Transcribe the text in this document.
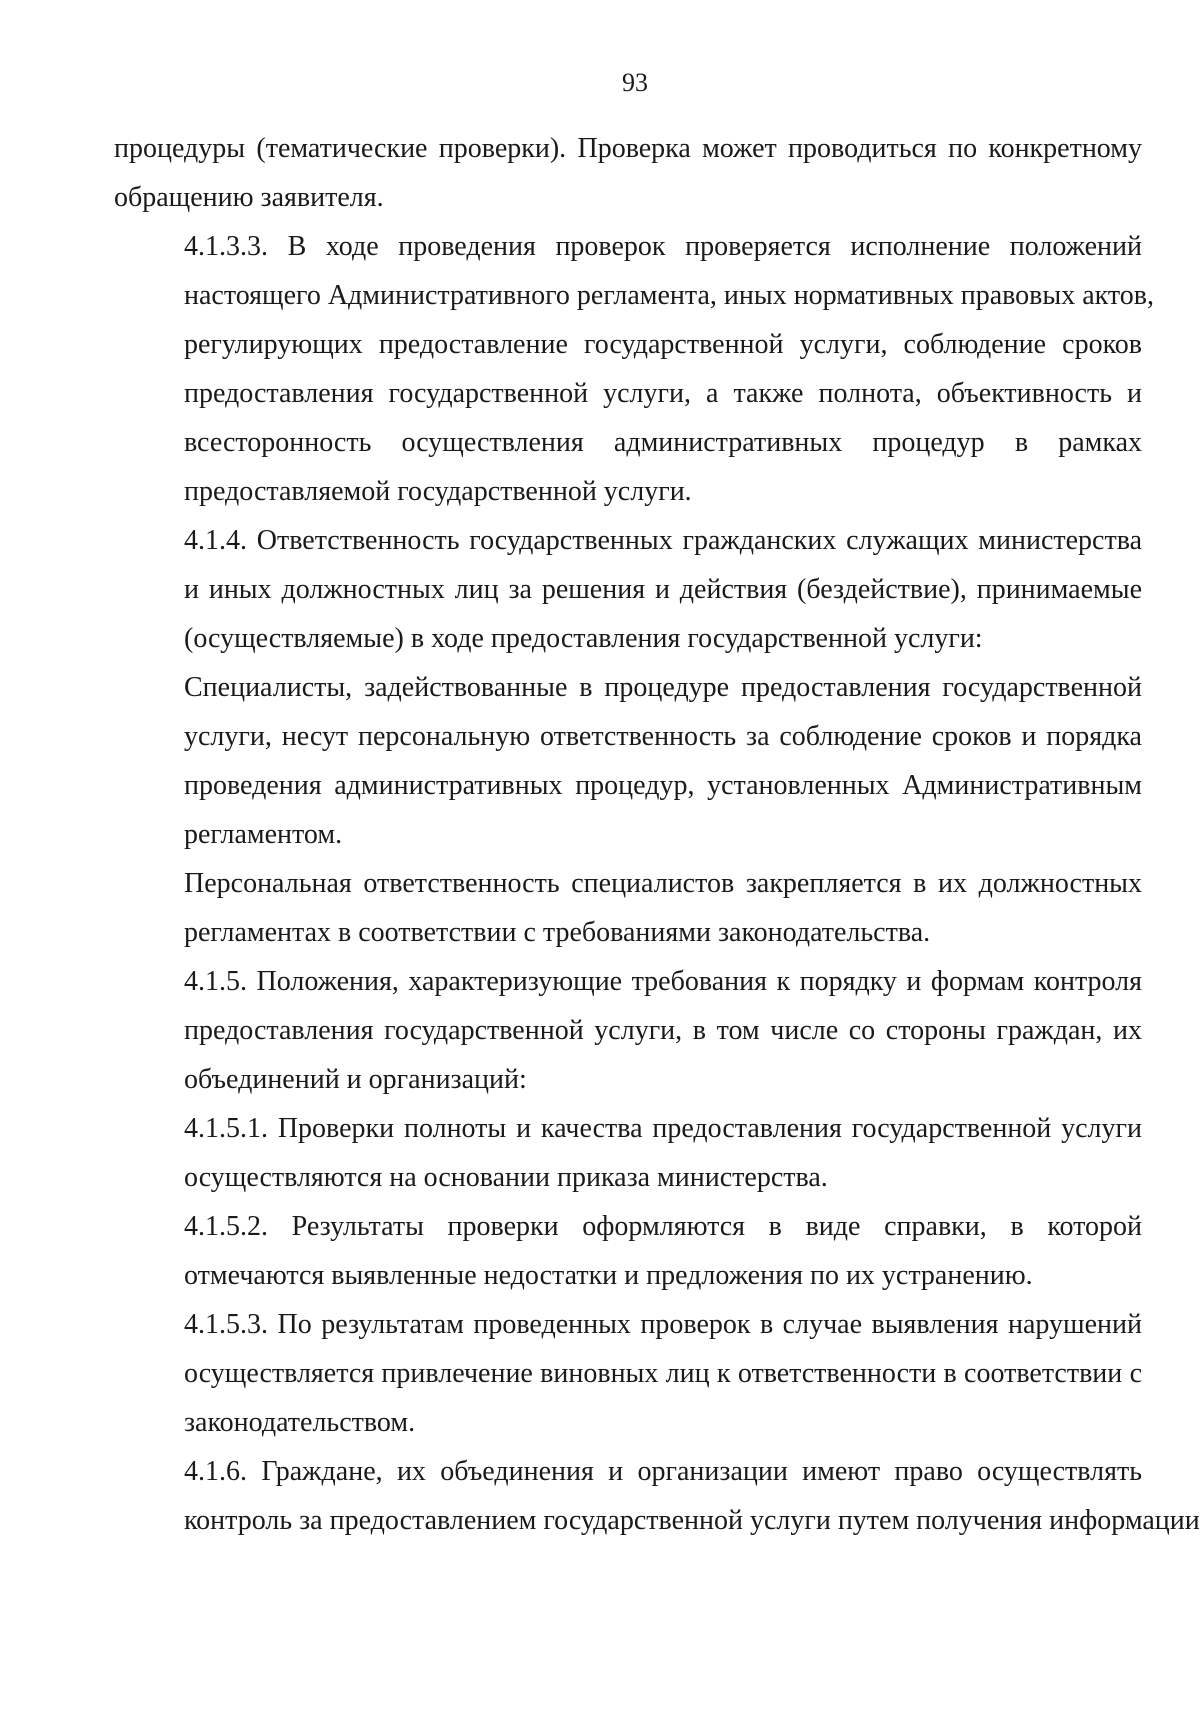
93
процедуры (тематические проверки). Проверка может проводиться по конкретному
обращению заявителя.
4.1.3.3. В ходе проведения проверок проверяется исполнение положений
настоящего Административного регламента, иных нормативных правовых актов,
регулирующих предоставление государственной услуги, соблюдение сроков
предоставления государственной услуги, а также полнота, объективность и
всесторонность осуществления административных процедур в рамках
предоставляемой государственной услуги.
4.1.4. Ответственность государственных гражданских служащих министерства
и иных должностных лиц за решения и действия (бездействие), принимаемые
(осуществляемые) в ходе предоставления государственной услуги:
Специалисты, задействованные в процедуре предоставления государственной
услуги, несут персональную ответственность за соблюдение сроков и порядка
проведения административных процедур, установленных Административным
регламентом.
Персональная ответственность специалистов закрепляется в их должностных
регламентах в соответствии с требованиями законодательства.
4.1.5. Положения, характеризующие требования к порядку и формам контроля
предоставления государственной услуги, в том числе со стороны граждан, их
объединений и организаций:
4.1.5.1. Проверки полноты и качества предоставления государственной услуги
осуществляются на основании приказа министерства.
4.1.5.2. Результаты проверки оформляются в виде справки, в которой
отмечаются выявленные недостатки и предложения по их устранению.
4.1.5.3. По результатам проведенных проверок в случае выявления нарушений
осуществляется привлечение виновных лиц к ответственности в соответствии с
законодательством.
4.1.6. Граждане, их объединения и организации имеют право осуществлять
контроль за предоставлением государственной услуги путем получения информации
